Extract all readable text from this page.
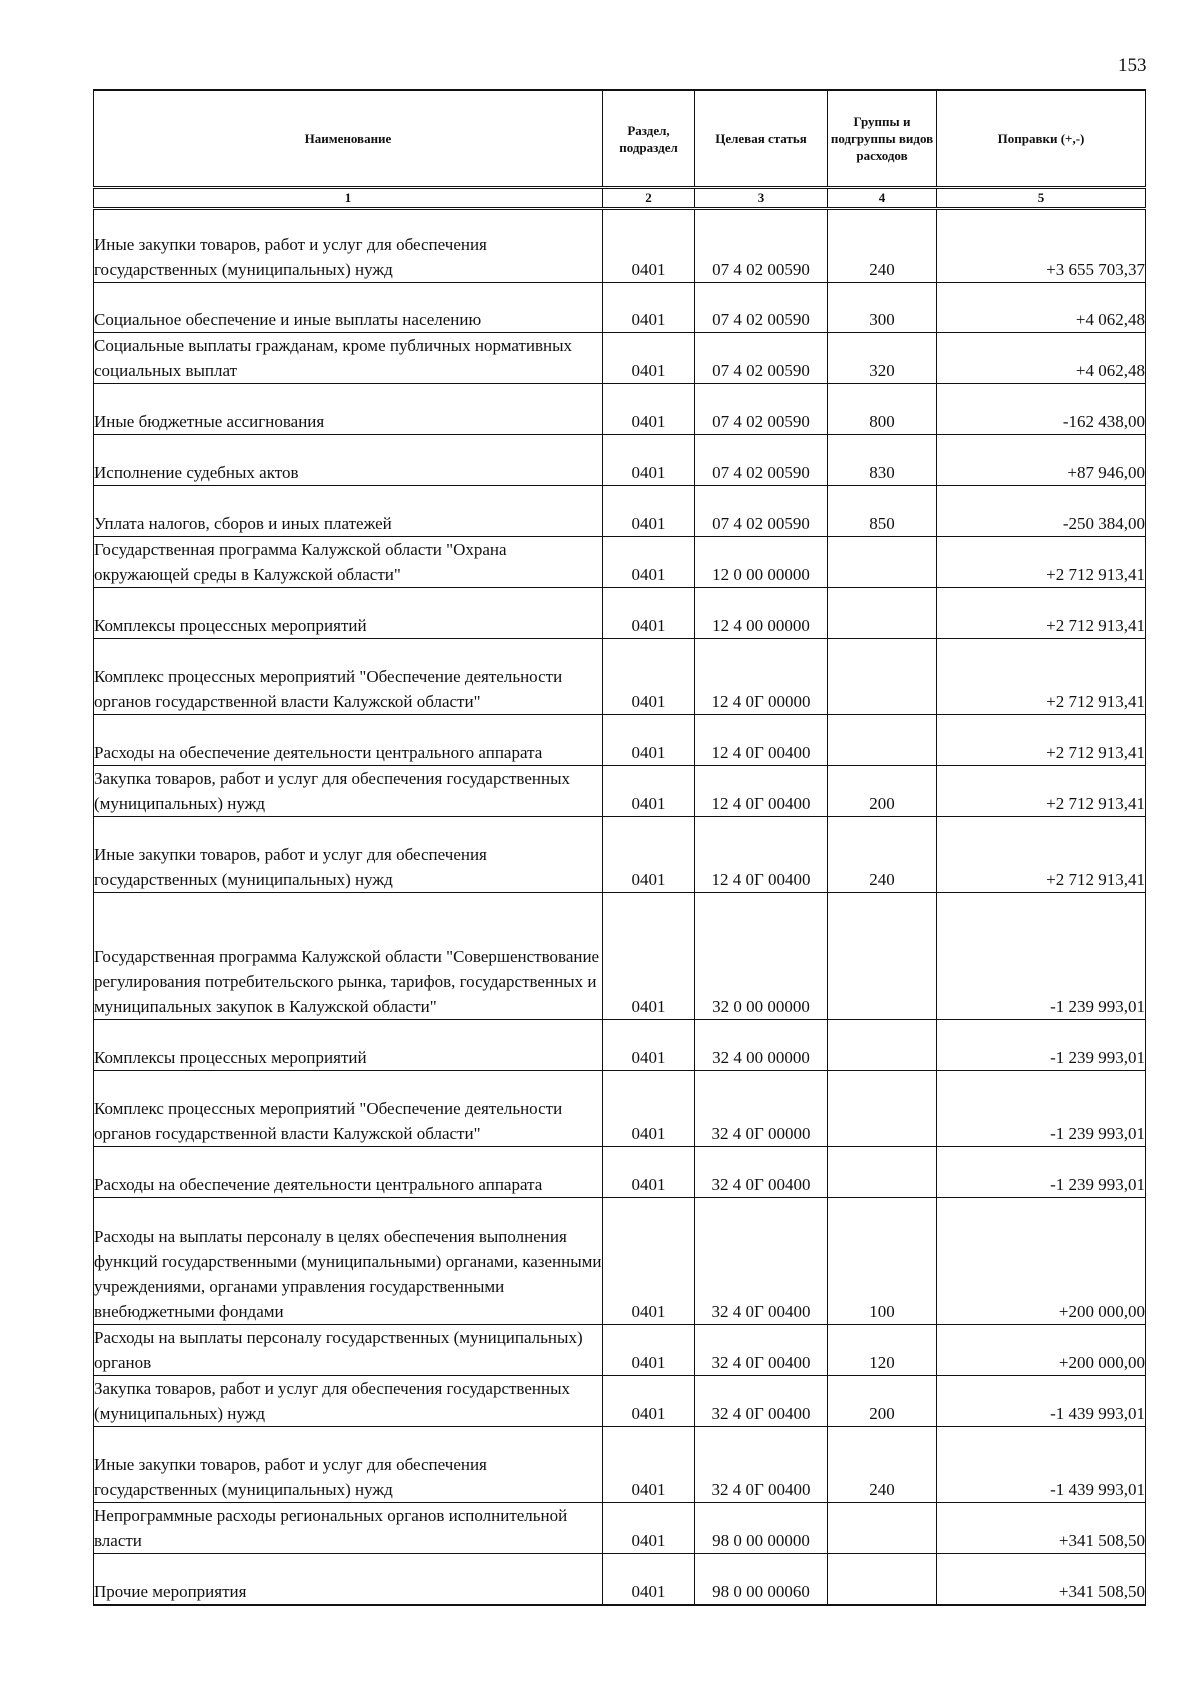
153
Наименование	Раздел, подраздел	Целевая статья	Группы и подгруппы видов расходов	Поправки (+,-)
1	2	3	4	5
Иные закупки товаров, работ и услуг для обеспечения государственных (муниципальных) нужд	0401	07 4 02 00590	240	+3 655 703,37
Социальное обеспечение и иные выплаты населению	0401	07 4 02 00590	300	+4 062,48
Социальные выплаты гражданам, кроме публичных нормативных социальных выплат	0401	07 4 02 00590	320	+4 062,48
Иные бюджетные ассигнования	0401	07 4 02 00590	800	-162 438,00
Исполнение судебных актов	0401	07 4 02 00590	830	+87 946,00
Уплата налогов, сборов и иных платежей	0401	07 4 02 00590	850	-250 384,00
Государственная программа Калужской области "Охрана окружающей среды в Калужской области"	0401	12 0 00 00000		+2 712 913,41
Комплексы процессных мероприятий	0401	12 4 00 00000		+2 712 913,41
Комплекс процессных мероприятий "Обеспечение деятельности органов государственной власти Калужской области"	0401	12 4 0Г 00000		+2 712 913,41
Расходы на обеспечение деятельности центрального аппарата	0401	12 4 0Г 00400		+2 712 913,41
Закупка товаров, работ и услуг для обеспечения государственных (муниципальных) нужд	0401	12 4 0Г 00400	200	+2 712 913,41
Иные закупки товаров, работ и услуг для обеспечения государственных (муниципальных) нужд	0401	12 4 0Г 00400	240	+2 712 913,41
Государственная программа Калужской области "Совершенствование регулирования потребительского рынка, тарифов, государственных и муниципальных закупок в Калужской области"	0401	32 0 00 00000		-1 239 993,01
Комплексы процессных мероприятий	0401	32 4 00 00000		-1 239 993,01
Комплекс процессных мероприятий "Обеспечение деятельности органов государственной власти Калужской области"	0401	32 4 0Г 00000		-1 239 993,01
Расходы на обеспечение деятельности центрального аппарата	0401	32 4 0Г 00400		-1 239 993,01
Расходы на выплаты персоналу в целях обеспечения выполнения функций государственными (муниципальными) органами, казенными учреждениями, органами управления государственными внебюджетными фондами	0401	32 4 0Г 00400	100	+200 000,00
Расходы на выплаты персоналу государственных (муниципальных) органов	0401	32 4 0Г 00400	120	+200 000,00
Закупка товаров, работ и услуг для обеспечения государственных (муниципальных) нужд	0401	32 4 0Г 00400	200	-1 439 993,01
Иные закупки товаров, работ и услуг для обеспечения государственных (муниципальных) нужд	0401	32 4 0Г 00400	240	-1 439 993,01
Непрограммные расходы региональных органов исполнительной власти	0401	98 0 00 00000		+341 508,50
Прочие мероприятия	0401	98 0 00 00060		+341 508,50
